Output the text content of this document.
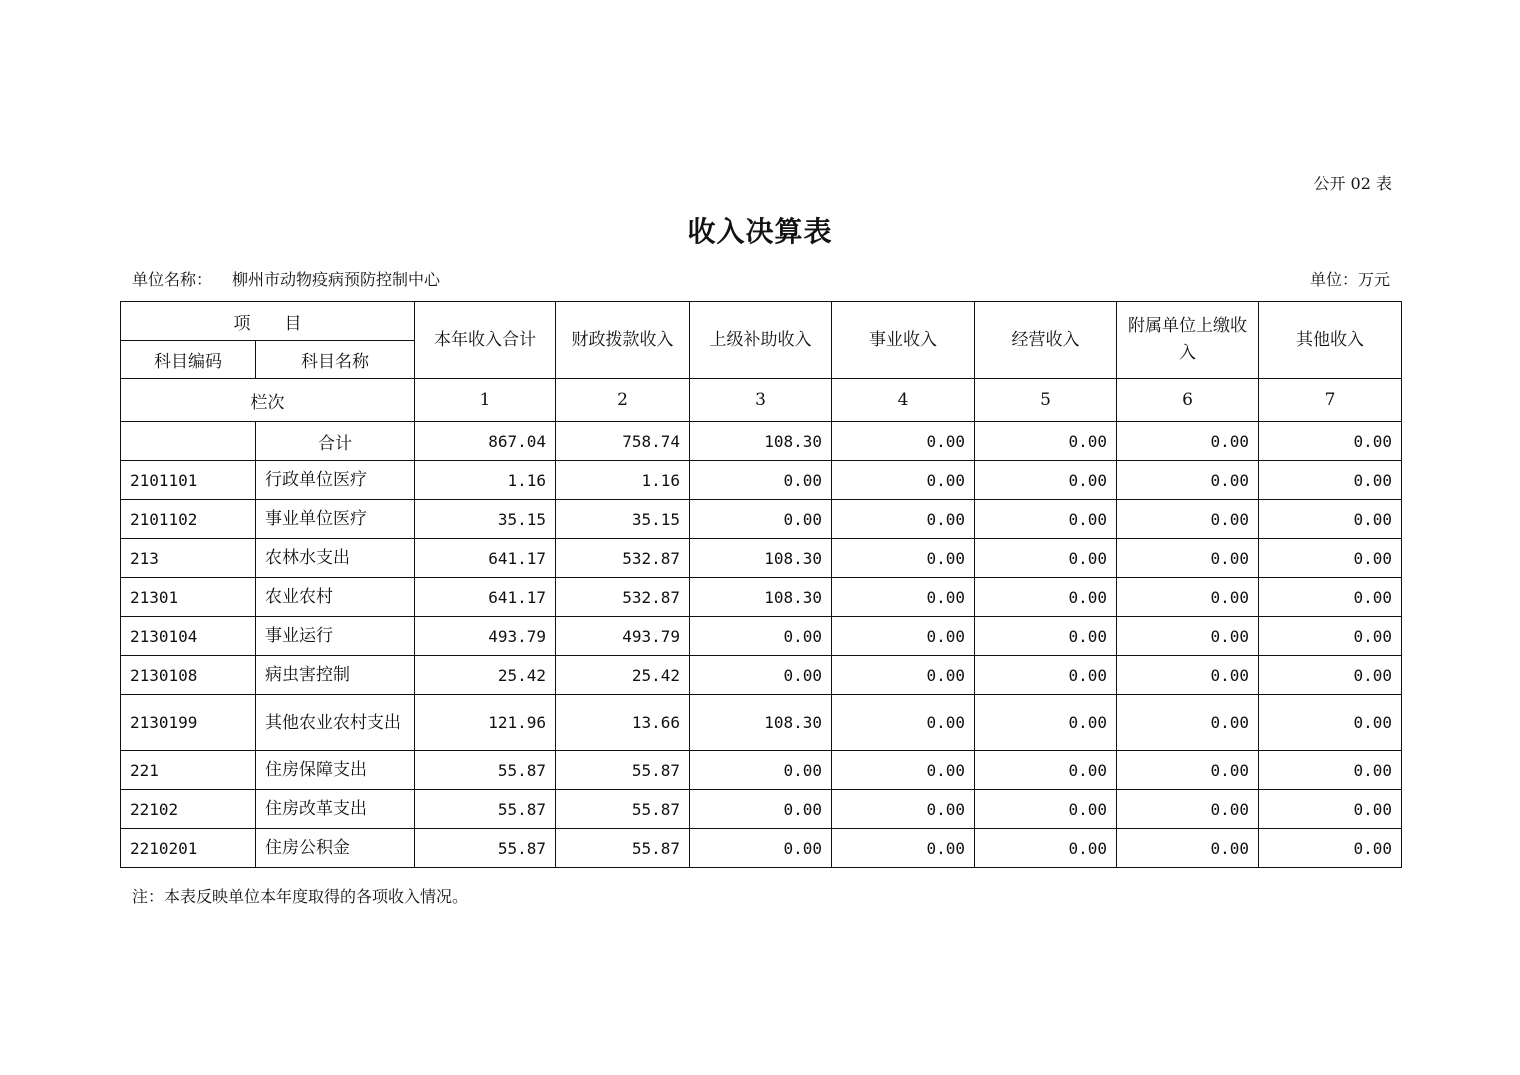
公开 02 表
收入决算表
单位名称： 柳州市动物疫病预防控制中心	单位：万元
项　　目		本年收入合计	财政拨款收入	上级补助收入	事业收入	经营收入	附属单位上缴收入	其他收入
科目编码	科目名称							
栏次		1	2	3	4	5	6	7
	合计	867.04	758.74	108.30	0.00	0.00	0.00	0.00
2101101	行政单位医疗	1.16	1.16	0.00	0.00	0.00	0.00	0.00
2101102	事业单位医疗	35.15	35.15	0.00	0.00	0.00	0.00	0.00
213	农林水支出	641.17	532.87	108.30	0.00	0.00	0.00	0.00
21301	农业农村	641.17	532.87	108.30	0.00	0.00	0.00	0.00
2130104	事业运行	493.79	493.79	0.00	0.00	0.00	0.00	0.00
2130108	病虫害控制	25.42	25.42	0.00	0.00	0.00	0.00	0.00
2130199	其他农业农村支出	121.96	13.66	108.30	0.00	0.00	0.00	0.00
221	住房保障支出	55.87	55.87	0.00	0.00	0.00	0.00	0.00
22102	住房改革支出	55.87	55.87	0.00	0.00	0.00	0.00	0.00
2210201	住房公积金	55.87	55.87	0.00	0.00	0.00	0.00	0.00
注：本表反映单位本年度取得的各项收入情况。
